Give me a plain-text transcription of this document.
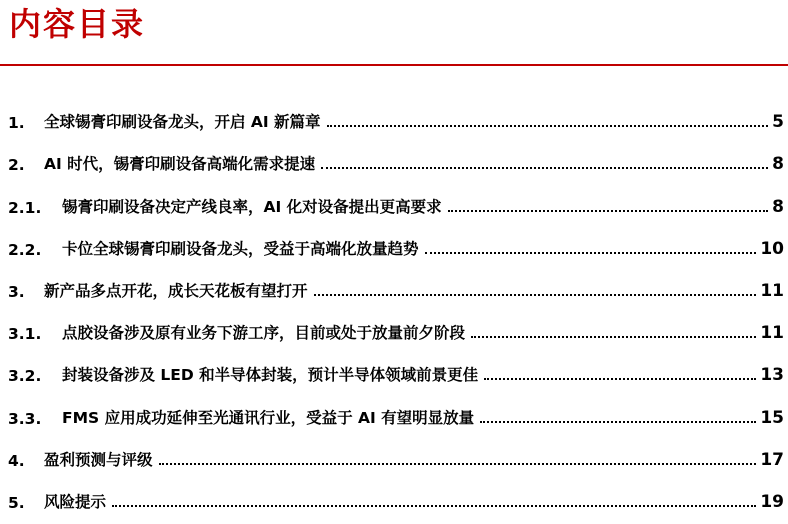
内容目录
1.	全球锡膏印刷设备龙头，开启 AI 新篇章	5
2.	AI 时代，锡膏印刷设备高端化需求提速	8
2.1.	锡膏印刷设备决定产线良率，AI 化对设备提出更高要求	8
2.2.	卡位全球锡膏印刷设备龙头，受益于高端化放量趋势	10
3.	新产品多点开花，成长天花板有望打开	11
3.1.	点胶设备涉及原有业务下游工序，目前或处于放量前夕阶段	11
3.2.	封装设备涉及 LED 和半导体封装，预计半导体领域前景更佳	13
3.3.	FMS 应用成功延伸至光通讯行业，受益于 AI 有望明显放量	15
4.	盈利预测与评级	17
5.	风险提示	19
